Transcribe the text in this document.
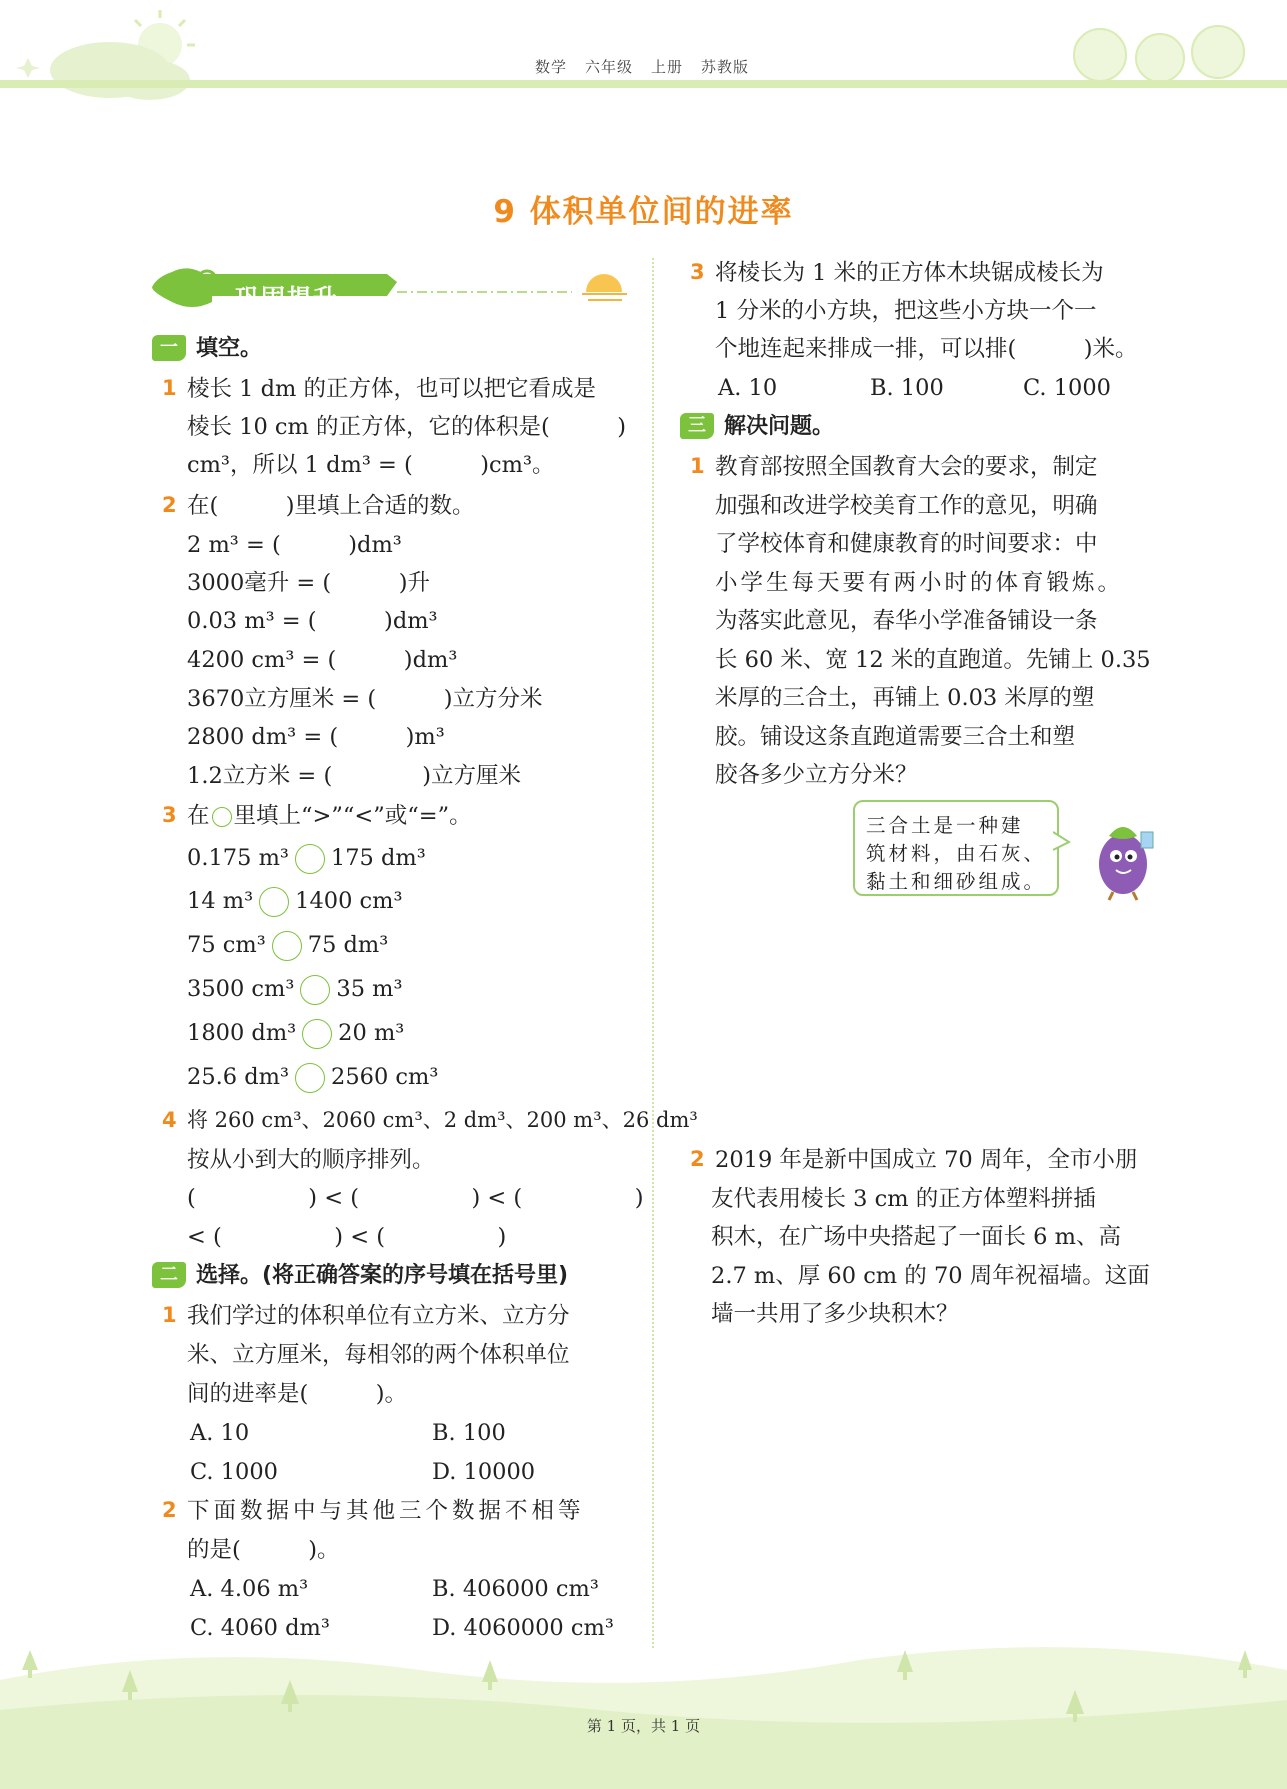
数学 六年级 上册 苏教版
9 体积单位间的进率
巩固提升
一 填空。
1 棱长 1 dm 的正方体，也可以把它看成是
棱长 10 cm 的正方体，它的体积是(　　　)
cm³，所以 1 dm³ = (　　　)cm³。
2 在(　　　)里填上合适的数。
2 m³ = (　　　)dm³
3000毫升 = (　　　)升
0.03 m³ = (　　　)dm³
4200 cm³ = (　　　)dm³
3670立方厘米 = (　　　)立方分米
2800 dm³ = (　　　)m³
1.2立方米 = (　　　　)立方厘米
3 在 里填上“>”“<”或“=”。
0.175 m³ 175 dm³
14 m³ 1400 cm³
75 cm³ 75 dm³
3500 cm³ 35 m³
1800 dm³ 20 m³
25.6 dm³ 2560 cm³
4 将 260 cm³、2060 cm³、2 dm³、200 m³、26 dm³
按从小到大的顺序排列。
(　　　　　) < (　　　　　) < (　　　　　)
< (　　　　　) < (　　　　　)
二 选择。(将正确答案的序号填在括号里)
1 我们学过的体积单位有立方米、立方分
米、立方厘米，每相邻的两个体积单位
间的进率是(　　　)。
A. 10	B. 100
C. 1000	D. 10000
2 下面数据中与其他三个数据不相等
的是(　　　)。
A. 4.06 m³	B. 406000 cm³
C. 4060 dm³	D. 4060000 cm³
3 将棱长为 1 米的正方体木块锯成棱长为
1 分米的小方块，把这些小方块一个一
个地连起来排成一排，可以排(　　　)米。
A. 10	B. 100	C. 1000
三 解决问题。
1 教育部按照全国教育大会的要求，制定
加强和改进学校美育工作的意见，明确
了学校体育和健康教育的时间要求：中
小学生每天要有两小时的体育锻炼。
为落实此意见，春华小学准备铺设一条
长 60 米、宽 12 米的直跑道。先铺上 0.35
米厚的三合土，再铺上 0.03 米厚的塑
胶。铺设这条直跑道需要三合土和塑
胶各多少立方分米？
三合土是一种建
筑材料，由石灰、
黏土和细砂组成。
2 2019 年是新中国成立 70 周年，全市小朋
友代表用棱长 3 cm 的正方体塑料拼插
积木，在广场中央搭起了一面长 6 m、高
2.7 m、厚 60 cm 的 70 周年祝福墙。这面
墙一共用了多少块积木？
第 1 页，共 1 页
